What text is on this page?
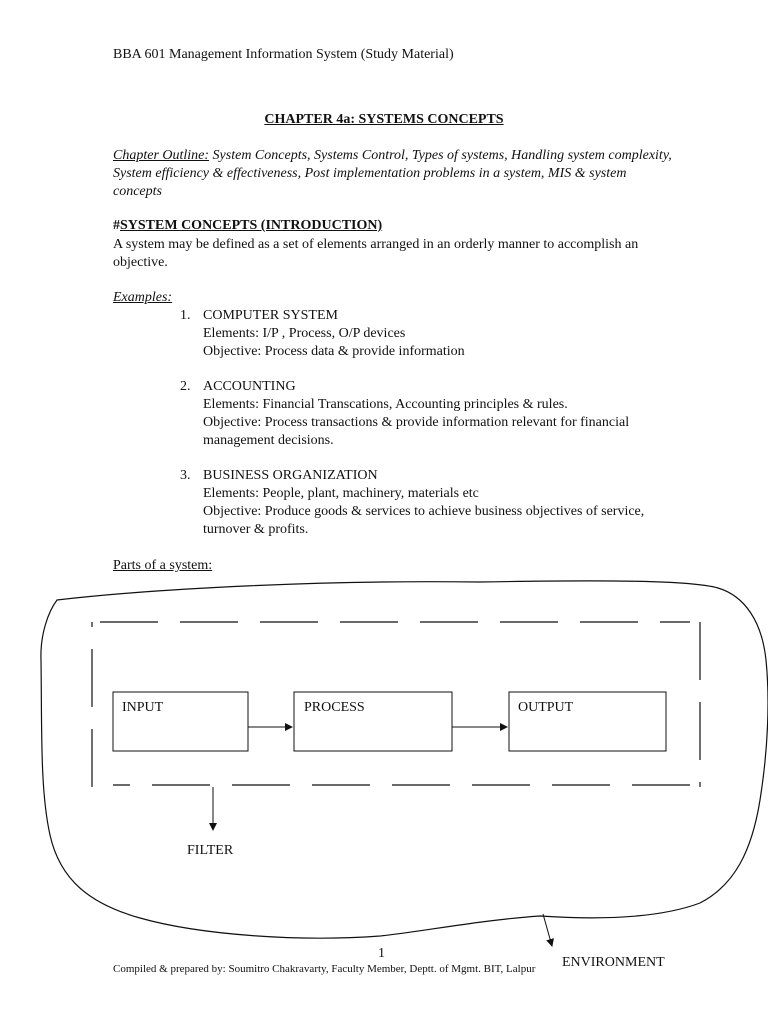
BBA 601 Management Information System (Study Material)
CHAPTER 4a: SYSTEMS CONCEPTS
Chapter Outline: System Concepts, Systems Control, Types of systems, Handling system complexity, System efficiency & effectiveness, Post implementation problems in a system, MIS & system concepts
#SYSTEM CONCEPTS (INTRODUCTION)
A system may be defined as a set of elements arranged in an orderly manner to accomplish an objective.
Examples:
1. COMPUTER SYSTEM
Elements: I/P , Process, O/P devices
Objective: Process data & provide information
2. ACCOUNTING
Elements: Financial Transcations, Accounting principles & rules.
Objective: Process transactions & provide information relevant for financial management decisions.
3. BUSINESS ORGANIZATION
Elements: People, plant, machinery, materials etc
Objective: Produce goods & services to achieve business objectives of service, turnover & profits.
Parts of a system:
INPUT	PROCESS	OUTPUT
FILTER
1
Compiled & prepared by: Soumitro Chakravarty, Faculty Member, Deptt. of Mgmt. BIT, Lalpur ENVIRONMENT
